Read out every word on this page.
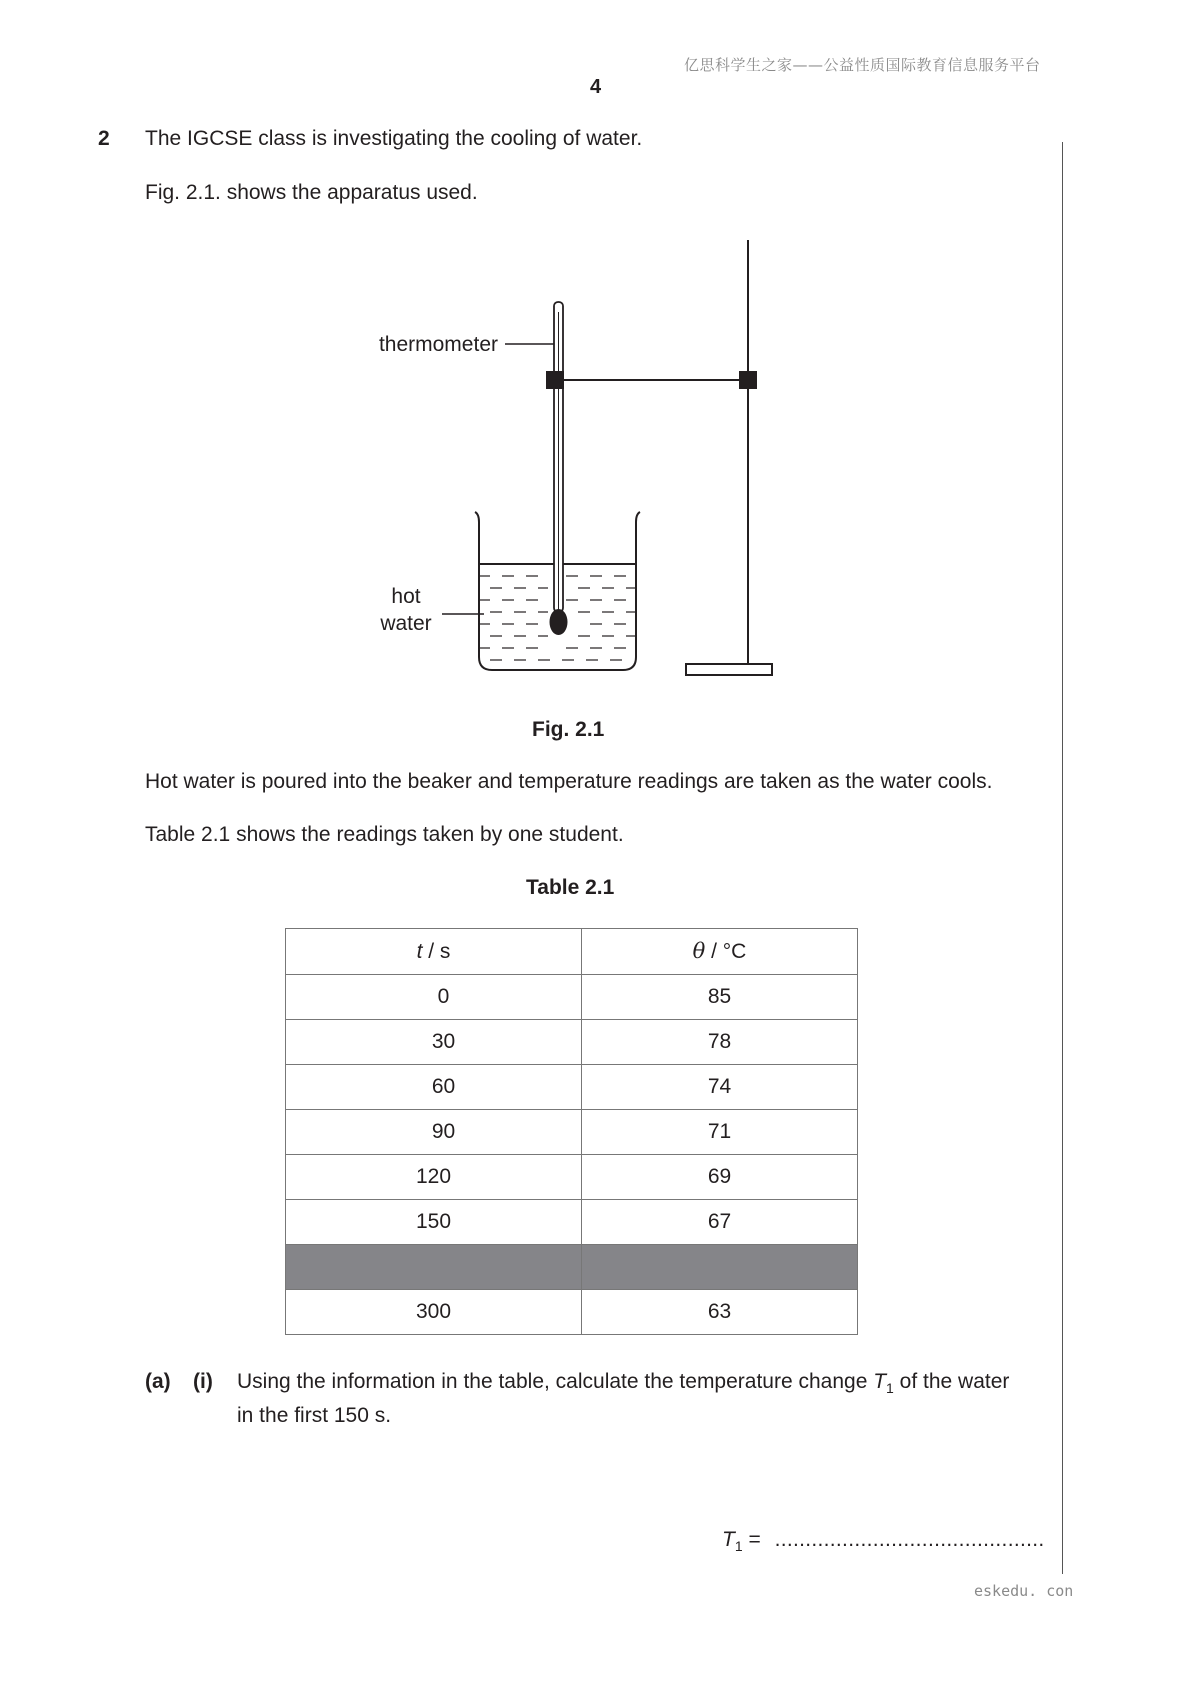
亿思科学生之家——公益性质国际教育信息服务平台
4
2 The IGCSE class is investigating the cooling of water.
Fig. 2.1. shows the apparatus used.
thermometer
hot
water
Fig. 2.1
Hot water is poured into the beaker and temperature readings are taken as the water cools.
Table 2.1 shows the readings taken by one student.
Table 2.1
t / s	θ / °C
0	85
30	78
60	74
90	71
120	69
150	67

300	63
(a) (i) Using the information in the table, calculate the temperature change $T_1$ of the water
in the first 150 s.
$T_1$ = ............................................
eskedu. con
